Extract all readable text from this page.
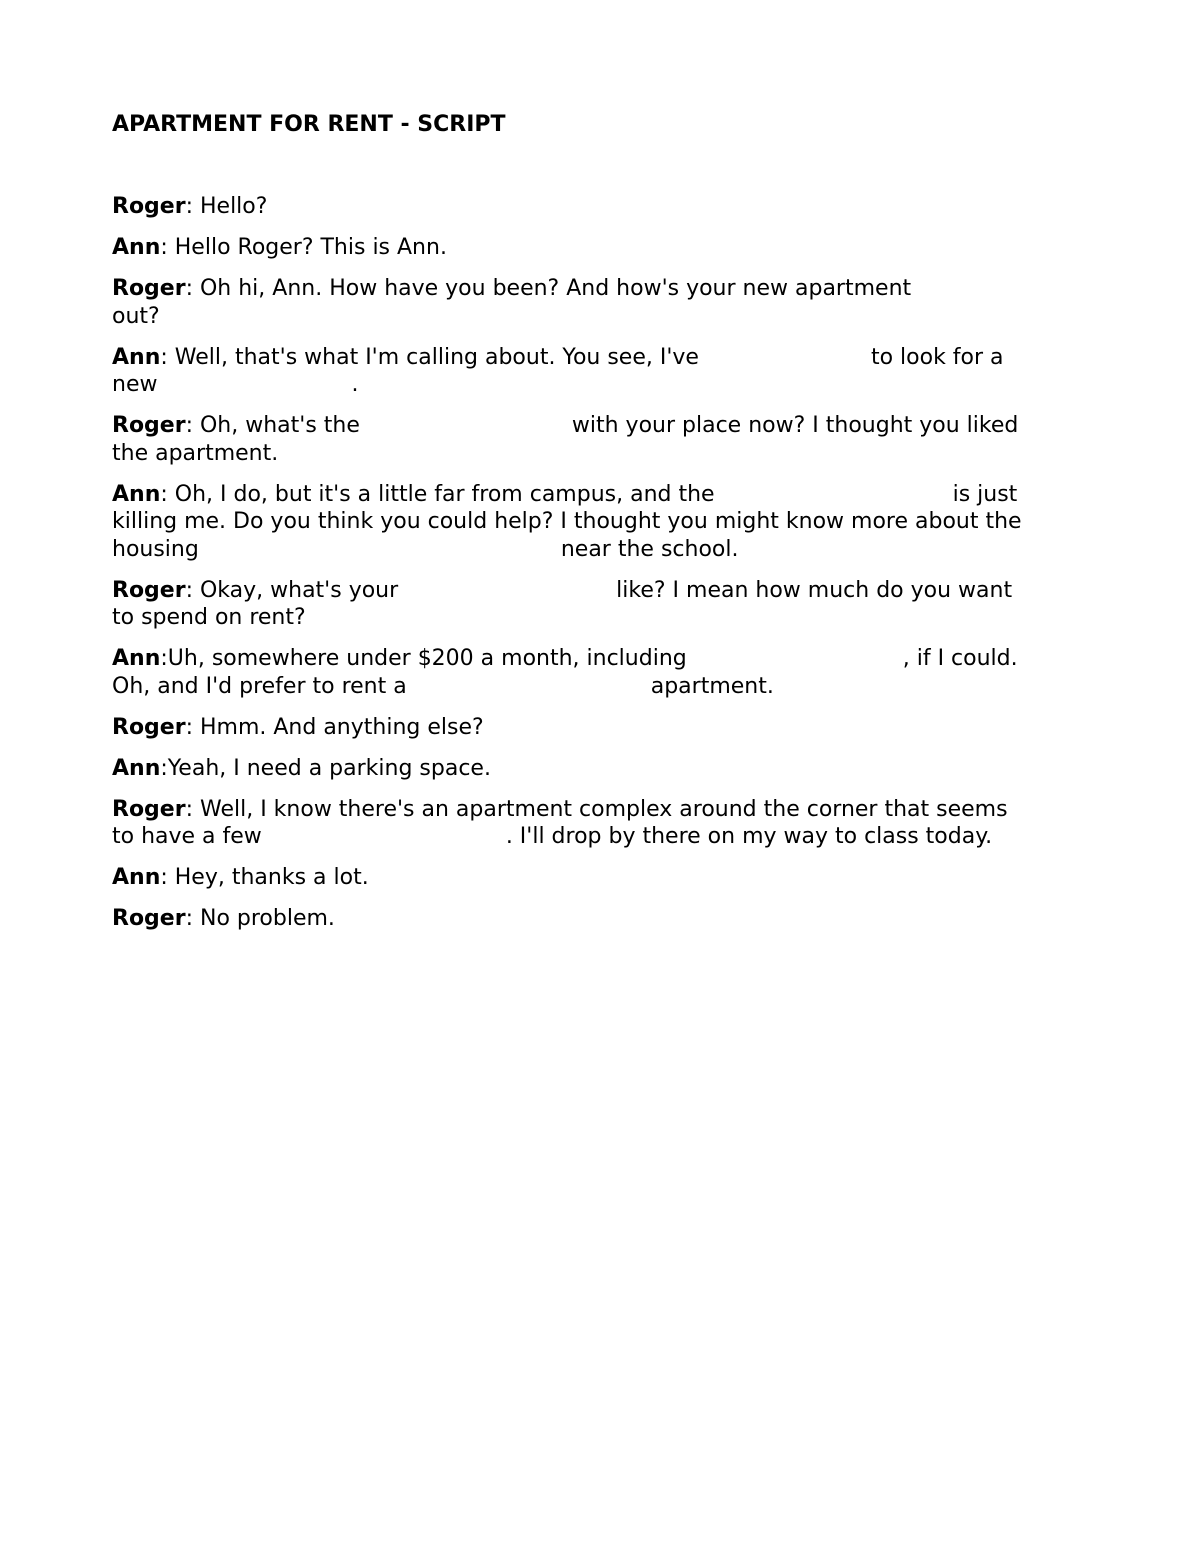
APARTMENT FOR RENT - SCRIPT

Roger: Hello?

Ann: Hello Roger? This is Ann.

Roger: Oh hi, Ann. How have you been? And how's your new apartment
out?

Ann: Well, that's what I'm calling about. You see, I've	to look for a
new	.

Roger: Oh, what's the	with your place now? I thought you liked
the apartment.

Ann: Oh, I do, but it's a little far from campus, and the	is just
killing me. Do you think you could help? I thought you might know more about the
housing	near the school.

Roger: Okay, what's your	like? I mean how much do you want
to spend on rent?

Ann:Uh, somewhere under $200 a month, including	, if I could.
Oh, and I'd prefer to rent a	apartment.

Roger: Hmm. And anything else?

Ann:Yeah, I need a parking space.

Roger: Well, I know there's an apartment complex around the corner that seems
to have a few	. I'll drop by there on my way to class today.

Ann: Hey, thanks a lot.

Roger: No problem.
